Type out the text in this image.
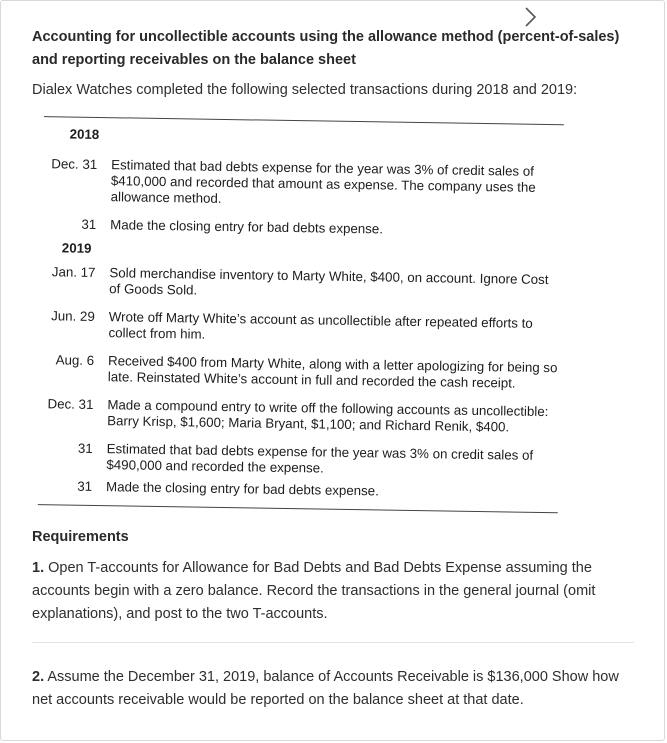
Accounting for uncollectible accounts using the allowance method (percent-of-sales) and reporting receivables on the balance sheet
Dialex Watches completed the following selected transactions during 2018 and 2019:
2018
Dec. 31 Estimated that bad debts expense for the year was 3% of credit sales of $410,000 and recorded that amount as expense. The company uses the allowance method.
31 Made the closing entry for bad debts expense.
2019
Jan. 17 Sold merchandise inventory to Marty White, $400, on account. Ignore Cost of Goods Sold.
Jun. 29 Wrote off Marty White’s account as uncollectible after repeated efforts to collect from him.
Aug. 6 Received $400 from Marty White, along with a letter apologizing for being so late. Reinstated White’s account in full and recorded the cash receipt.
Dec. 31 Made a compound entry to write off the following accounts as uncollectible: Barry Krisp, $1,600; Maria Bryant, $1,100; and Richard Renik, $400.
31 Estimated that bad debts expense for the year was 3% on credit sales of $490,000 and recorded the expense.
31 Made the closing entry for bad debts expense.
Requirements
1. Open T-accounts for Allowance for Bad Debts and Bad Debts Expense assuming the accounts begin with a zero balance. Record the transactions in the general journal (omit explanations), and post to the two T-accounts.
2. Assume the December 31, 2019, balance of Accounts Receivable is $136,000 Show how net accounts receivable would be reported on the balance sheet at that date.
